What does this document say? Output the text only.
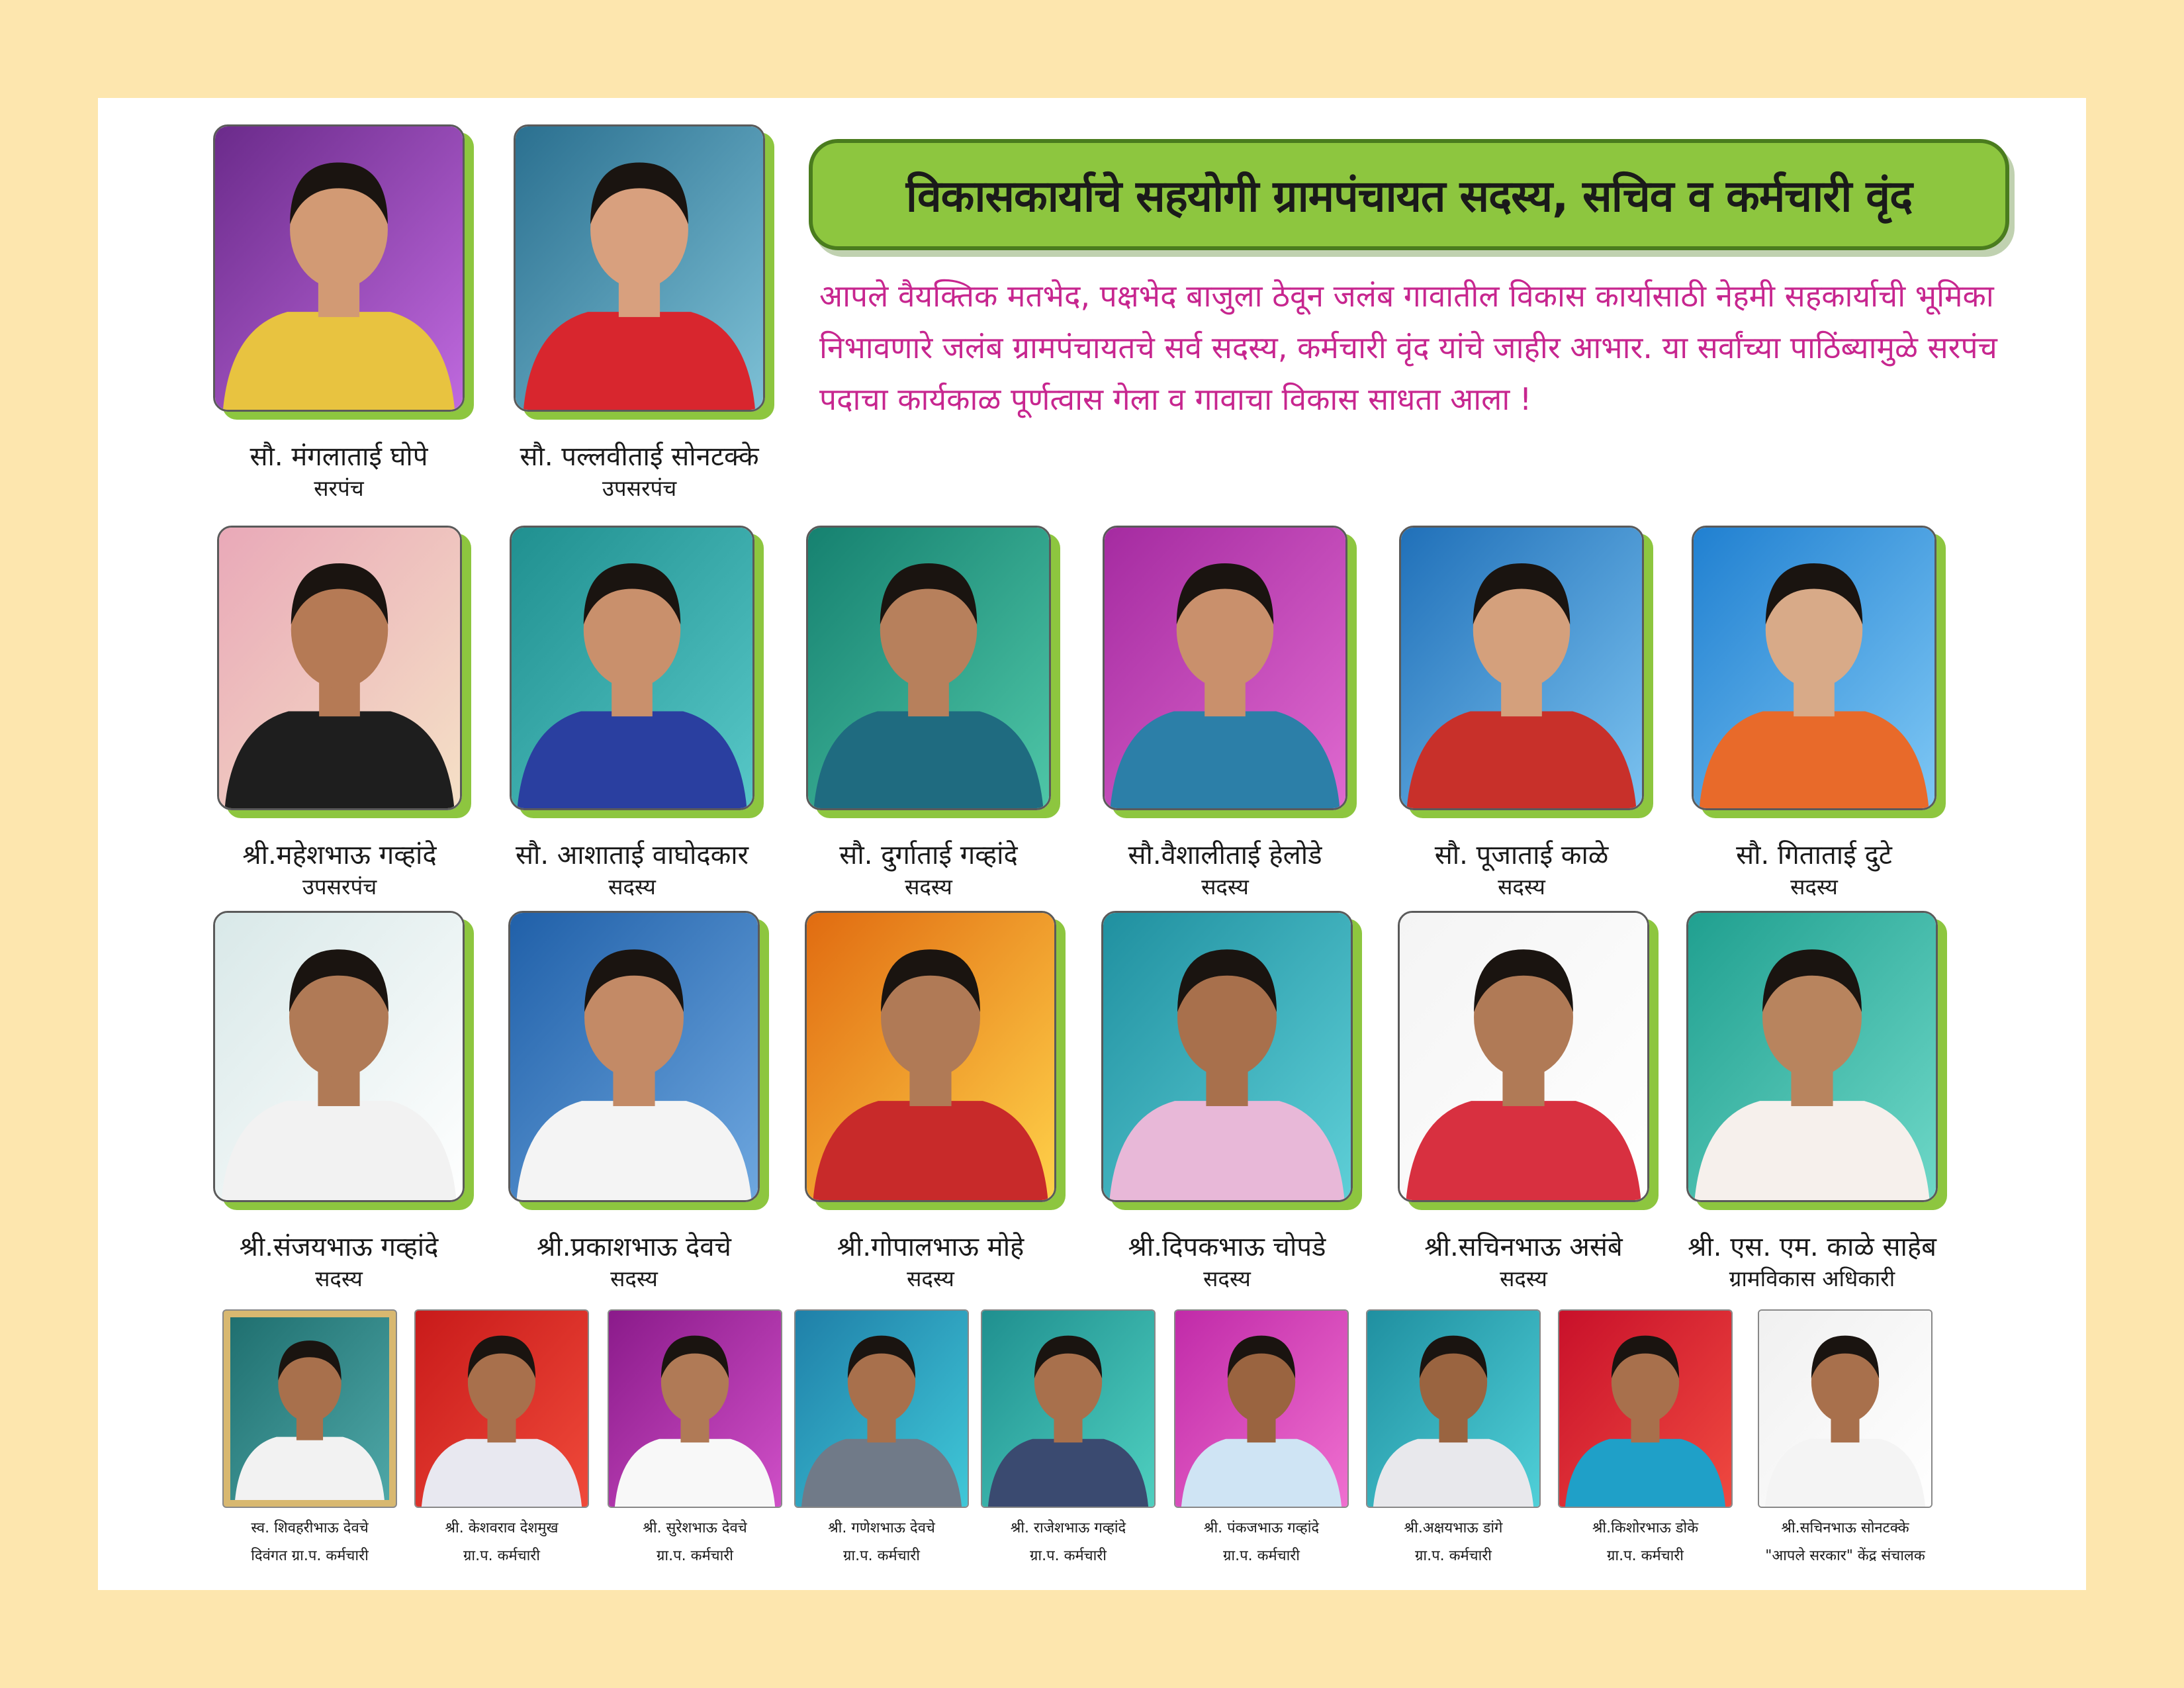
विकासकार्याचे सहयोगी ग्रामपंचायत सदस्य, सचिव व कर्मचारी वृंद

आपले वैयक्तिक मतभेद, पक्षभेद बाजुला ठेवून जलंब गावातील विकास कार्यासाठी नेहमी सहकार्याची भूमिका निभावणारे जलंब ग्रामपंचायतचे सर्व सदस्य, कर्मचारी वृंद यांचे जाहीर आभार. या सर्वांच्या पाठिंब्यामुळे सरपंच पदाचा कार्यकाळ पूर्णत्वास गेला व गावाचा विकास साधता आला !

सौ. मंगलाताई घोपे
सरपंच
सौ. पल्लवीताई सोनटक्के
उपसरपंच
श्री.महेशभाऊ गव्हांदे
उपसरपंच
सौ. आशाताई वाघोदकार
सदस्य
सौ. दुर्गाताई गव्हांदे
सदस्य
सौ.वैशालीताई हेलोडे
सदस्य
सौ. पूजाताई काळे
सदस्य
सौ. गिताताई दुटे
सदस्य
श्री.संजयभाऊ गव्हांदे
सदस्य
श्री.प्रकाशभाऊ देवचे
सदस्य
श्री.गोपालभाऊ मोहे
सदस्य
श्री.दिपकभाऊ चोपडे
सदस्य
श्री.सचिनभाऊ असंबे
सदस्य
श्री. एस. एम. काळे साहेब
ग्रामविकास अधिकारी
स्व. शिवहरीभाऊ देवचे
दिवंगत ग्रा.प. कर्मचारी
श्री. केशवराव देशमुख
ग्रा.प. कर्मचारी
श्री. सुरेशभाऊ देवचे
ग्रा.प. कर्मचारी
श्री. गणेशभाऊ देवचे
ग्रा.प. कर्मचारी
श्री. राजेशभाऊ गव्हांदे
ग्रा.प. कर्मचारी
श्री. पंकजभाऊ गव्हांदे
ग्रा.प. कर्मचारी
श्री.अक्षयभाऊ डांगे
ग्रा.प. कर्मचारी
श्री.किशोरभाऊ डोके
ग्रा.प. कर्मचारी
श्री.सचिनभाऊ सोनटक्के
"आपले सरकार" केंद्र संचालक
